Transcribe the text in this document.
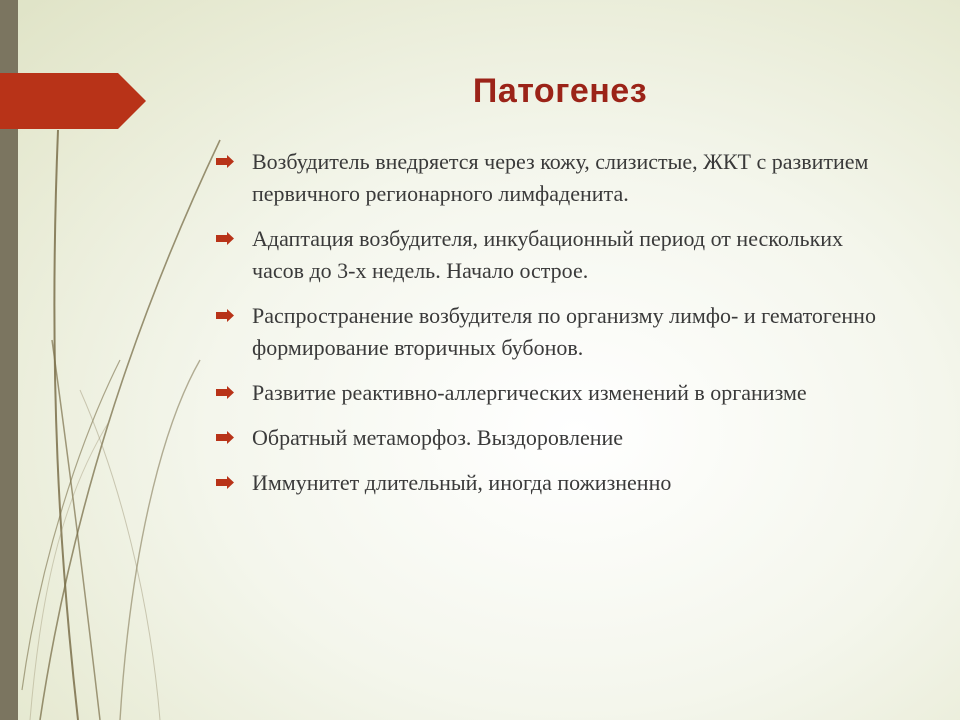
Патогенез
Возбудитель внедряется через кожу, слизистые, ЖКТ с развитием первичного регионарного лимфаденита.
Адаптация возбудителя, инкубационный период от нескольких часов до 3-х недель. Начало острое.
Распространение возбудителя по организму лимфо- и гематогенно формирование вторичных бубонов.
Развитие реактивно-аллергических изменений в организме
Обратный метаморфоз. Выздоровление
Иммунитет длительный, иногда пожизненно
